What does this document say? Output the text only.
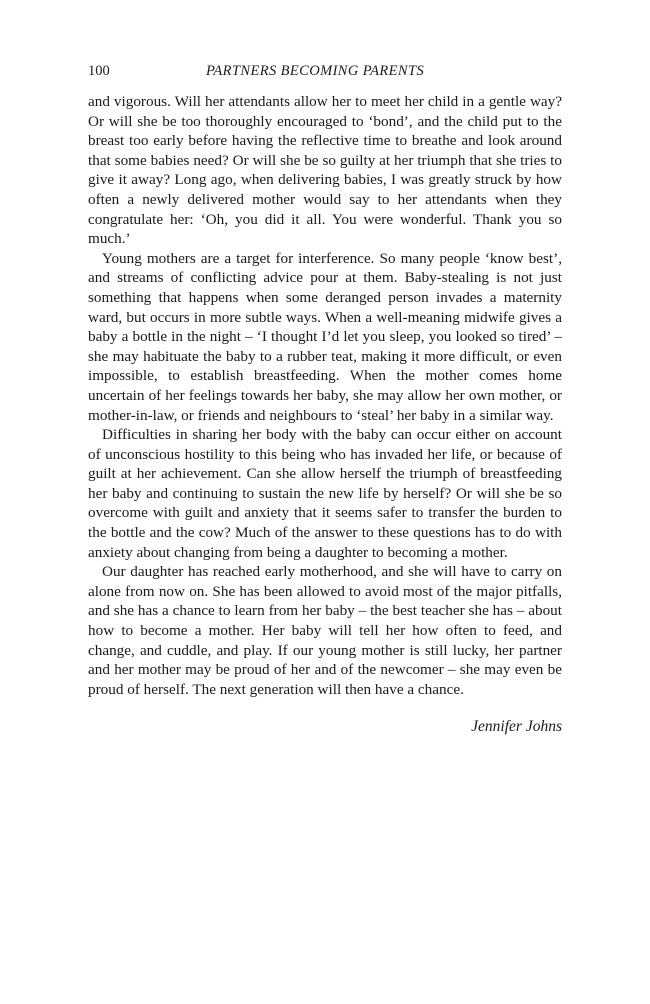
100	PARTNERS BECOMING PARENTS

and vigorous. Will her attendants allow her to meet her child in a gentle way? Or will she be too thoroughly encouraged to ‘bond’, and the child put to the breast too early before having the reflective time to breathe and look around that some babies need? Or will she be so guilty at her triumph that she tries to give it away? Long ago, when delivering babies, I was greatly struck by how often a newly delivered mother would say to her attendants when they congratulate her: ‘Oh, you did it all. You were wonderful. Thank you so much.’

Young mothers are a target for interference. So many people ‘know best’, and streams of conflicting advice pour at them. Baby-stealing is not just something that happens when some deranged person invades a maternity ward, but occurs in more subtle ways. When a well-meaning midwife gives a baby a bottle in the night – ‘I thought I’d let you sleep, you looked so tired’ – she may habituate the baby to a rubber teat, making it more difficult, or even impossible, to establish breastfeeding. When the mother comes home uncertain of her feelings towards her baby, she may allow her own mother, or mother-in-law, or friends and neighbours to ‘steal’ her baby in a similar way.

Difficulties in sharing her body with the baby can occur either on account of unconscious hostility to this being who has invaded her life, or because of guilt at her achievement. Can she allow herself the triumph of breastfeeding her baby and continuing to sustain the new life by herself? Or will she be so overcome with guilt and anxiety that it seems safer to transfer the burden to the bottle and the cow? Much of the answer to these questions has to do with anxiety about changing from being a daughter to becoming a mother.

Our daughter has reached early motherhood, and she will have to carry on alone from now on. She has been allowed to avoid most of the major pitfalls, and she has a chance to learn from her baby – the best teacher she has – about how to become a mother. Her baby will tell her how often to feed, and change, and cuddle, and play. If our young mother is still lucky, her partner and her mother may be proud of her and of the newcomer – she may even be proud of herself. The next generation will then have a chance.

Jennifer Johns
